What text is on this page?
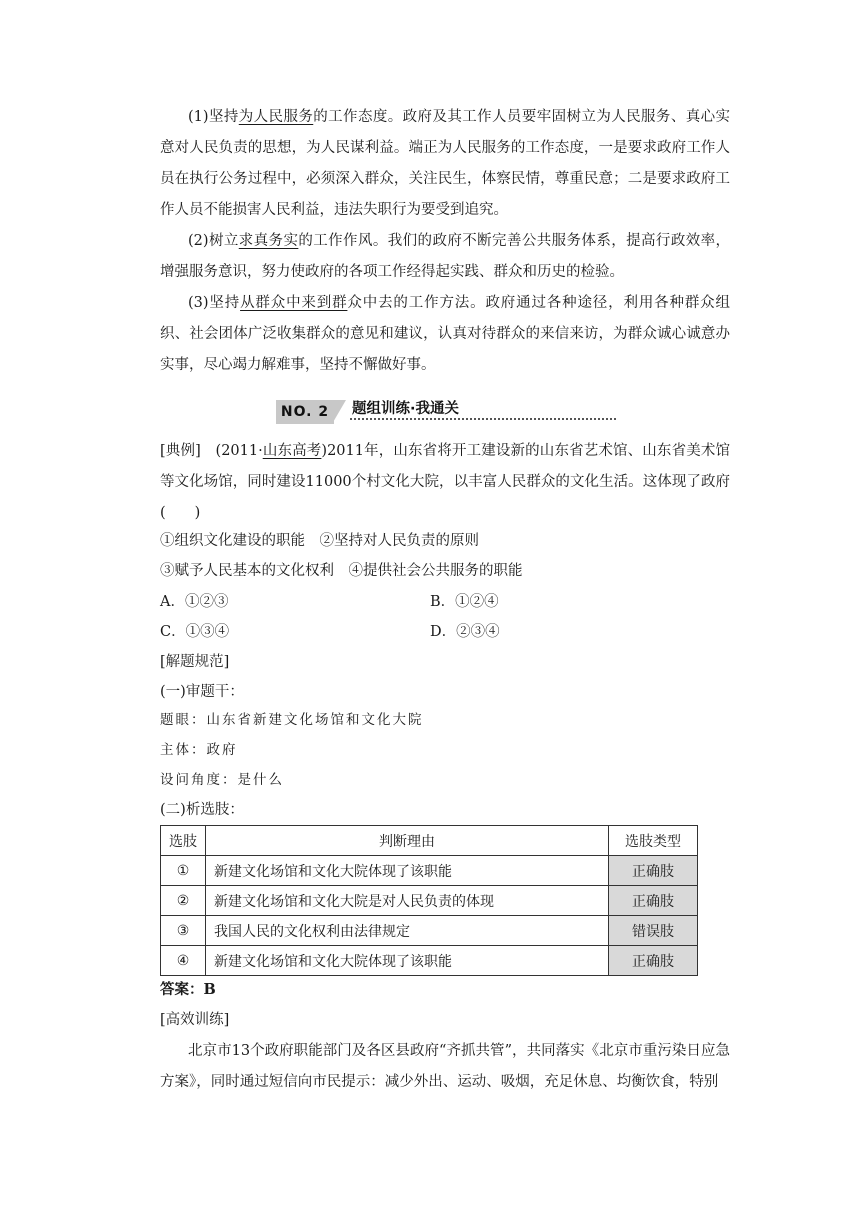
(1)坚持为人民服务的工作态度。政府及其工作人员要牢固树立为人民服务、真心实意对人民负责的思想，为人民谋利益。端正为人民服务的工作态度，一是要求政府工作人员在执行公务过程中，必须深入群众，关注民生，体察民情，尊重民意；二是要求政府工作人员不能损害人民利益，违法失职行为要受到追究。

(2)树立求真务实的工作作风。我们的政府不断完善公共服务体系，提高行政效率，增强服务意识，努力使政府的各项工作经得起实践、群众和历史的检验。

(3)坚持从群众中来到群众中去的工作方法。政府通过各种途径，利用各种群众组织、社会团体广泛收集群众的意见和建议，认真对待群众的来信来访，为群众诚心诚意办实事，尽心竭力解难事，坚持不懈做好事。

NO. 2	题组训练·我通关

[典例]　 (2011·山东高考)2011年，山东省将开工建设新的山东省艺术馆、山东省美术馆等文化场馆，同时建设11000个村文化大院，以丰富人民群众的文化生活。这体现了政府(　　)

①组织文化建设的职能　②坚持对人民负责的原则
③赋予人民基本的文化权利　④提供社会公共服务的职能
A．①②③	B．①②④
C．①③④	D．②③④
[解题规范]
(一)审题干：
题眼：山东省新建文化场馆和文化大院
主体：政府
设问角度：是什么
(二)析选肢：
选肢	判断理由	选肢类型
①	新建文化场馆和文化大院体现了该职能	正确肢
②	新建文化场馆和文化大院是对人民负责的体现	正确肢
③	我国人民的文化权利由法律规定	错误肢
④	新建文化场馆和文化大院体现了该职能	正确肢
答案：B
[高效训练]

北京市13个政府职能部门及各区县政府“齐抓共管”，共同落实《北京市重污染日应急方案》，同时通过短信向市民提示：减少外出、运动、吸烟，充足休息、均衡饮食，特别
